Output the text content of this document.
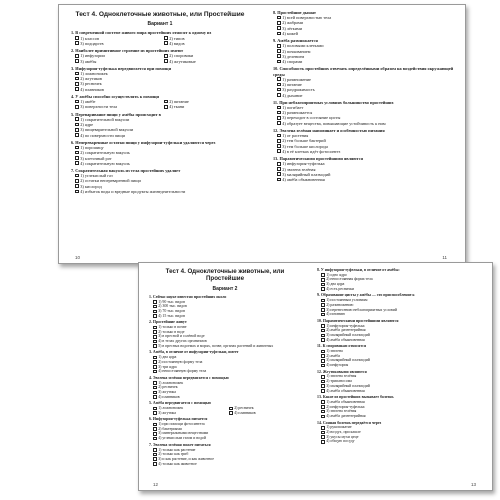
Тест 4. Одноклеточные животные, или Простейшие
Вариант 1
1. В современной системе живого мира простейших относят к одному из
1) классов	2) типов
3) подцарств	4) видов
2. Наиболее примитивное строение из простейших имеют
1) инфузории	2) споровики
3) амёбы	4) жгутиковые
3. Инфузория-туфелька передвигается при помощи
1) ложноножек
2) жгутиков
3) ресничек
4) плавников
4. У амёбы способно осуществлять к помощи
1) амёбе	2) питание
3) поверхности тела	4) ткани
5. Переваривание пищи у амёбы происходит в
1) сократительной вакуоли
2) ядре
3) пищеварительной вакуоли
4) по поверхности пищи
6. Непереваренные остатки пищи у инфузории-туфельки удаляются через
1) порошицу
2) сократительную вакуоль
3) клеточный рот
4) сократительную вакуоль
7. Сократительная вакуоль из тела простейших удаляет
1) углекислый газ
2) остатки непереваренной пищи
3) кислород
4) избыток воды и вредные продукты жизнедеятельности
8. Простейшие дышат
1) всей поверхностью тела
2) жабрами
3) лёгкими
4) кожей
9. Амёба размножается
1) половыми клетками
2) почкованием
3) делением
4) спорами
10. Способность простейших отвечать определёнными образом на воздействия окружающей среды
1) размножение
2) питание
3) раздражимость
4) дыхание
11. При неблагоприятных условиях большинство простейших
1) погибает
2) размножается
3) переходит в состояние цисты
4) образует вещества, повышающие устойчивость к ним
12. Эвглена зелёная напоминает и особенностью питания
1) от растения
2) тем больше бактерий
3) тем больше кислорода
4) в её клетках идёт фотосинтез
13. Паразитическими простейшими являются
1) инфузория-туфелька
2) эвглена зелёная
3) малярийный плазмодий
4) амёба обыкновенная
10	11
Тест 4. Одноклеточные животные, или Простейшие
Вариант 2
1. Сейчас науке известно простейших около
1) 90 тыс. видов
2) 300 тыс. видов
3) 70 тыс. видов
4) 15 тыс. видов
2. Простейшие живут
1) только в почве
2) только в воде
3) в пресной и солёной воде
4) в телах других организмов
5) в пресных водоемах и морях, почве, органах растений и животных
3. Амёба, в отличие от инфузории-туфельки, имеет
1) два ядра
2) постоянную форму тела
3) три ядра
4) непостоянную форму тела
4. Эвглена зелёная передвигается с помощью
1) ложноножек
2) ресничек
3) жгутика
4) плавников
5. Амёба передвигается с помощью
1) ложноножек	2) ресничек
3) жгутика	4) плавников
6. Инфузория-туфелька питается
1) при помощи фотосинтеза
2) бактериями
3) минеральными веществами
4) углекислым газом и водой
7. Эвглена зелёная может питаться
1) только как растение
2) только как гриб
3) и как растение, и как животное
4) только как животное
8. У инфузории-туфельки, в отличие от амёбы:
1) одно ядро
2) непостоянная форма тела
3) два ядра
4) есть реснички
9. Образование цисты у амёбы — это приспособление к
1) постоянным условиям
2) размножению
3) перенесению неблагоприятных условий
4) питанию
10. Паразитическими простейшими являются
1) инфузория-туфелька
2) амёба дизентерийная
3) малярийный плазмодий
4) амёба обыкновенная
11. К споровикам относятся
1) эвглена
2) амёба
3) малярийный плазмодий
4) инфузория
12. Жгутиковыми являются
1) эвглена зелёная
2) трипаносома
3) малярийный плазмодий
4) амёба обыкновенная
13. Какое из простейших вызывает болезнь
1) амёба обыкновенная
2) инфузория-туфелька
3) эвглена зелёная
4) амёба дизентерийная
14. Сонная болезнь передаётся через
1) рукопожатие
2) воздух, при кашле
3) укусы мухи цеце
4) общую посуду
12	13
